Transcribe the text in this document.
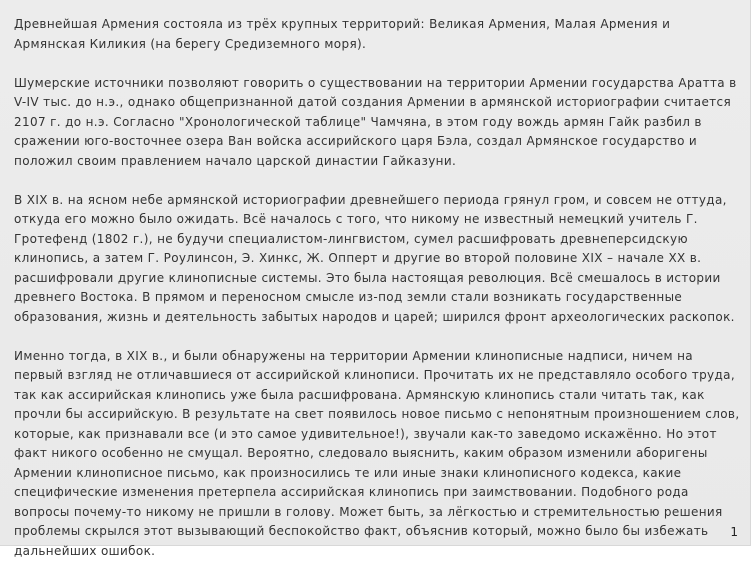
Древнейшая Армения состояла из трёх крупных территорий: Великая Армения, Малая Армения и Армянская Киликия (на берегу Средиземного моря).

Шумерские источники позволяют говорить о существовании на территории Армении государства Аратта в V-IV тыс. до н.э., однако общепризнанной датой создания Армении в армянской историографии считается 2107 г. до н.э. Согласно "Хронологической таблице" Чамчяна, в этом году вождь армян Гайк разбил в сражении юго-восточнее озера Ван войска ассирийского царя Бэла, создал Армянское государство и положил своим правлением начало царской династии Гайказуни.

В XIX в. на ясном небе армянской историографии древнейшего периода грянул гром, и совсем не оттуда, откуда его можно было ожидать. Всё началось с того, что никому не известный немецкий учитель Г. Гротефенд (1802 г.), не будучи специалистом-лингвистом, сумел расшифровать древнеперсидскую клинопись, а затем Г. Роулинсон, Э. Хинкс, Ж. Опперт и другие во второй половине XIX – начале XX в. расшифровали другие клинописные системы. Это была настоящая революция. Всё смешалось в истории древнего Востока. В прямом и переносном смысле из-под земли стали возникать государственные образования, жизнь и деятельность забытых народов и царей; ширился фронт археологических раскопок.

Именно тогда, в XIX в., и были обнаружены на территории Армении клинописные надписи, ничем на первый взгляд не отличавшиеся от ассирийской клинописи. Прочитать их не представляло особого труда, так как ассирийская клинопись уже была расшифрована. Армянскую клинопись стали читать так, как прочли бы ассирийскую. В результате на свет появилось новое письмо с непонятным произношением слов, которые, как признавали все (и это самое удивительное!), звучали как-то заведомо искажённо. Но этот факт никого особенно не смущал. Вероятно, следовало выяснить, каким образом изменили аборигены Армении клинописное письмо, как произносились те или иные знаки клинописного кодекса, какие специфические изменения претерпела ассирийская клинопись при заимствовании. Подобного рода вопросы почему-то никому не пришли в голову. Может быть, за лёгкостью и стремительностью решения проблемы скрылся этот вызывающий беспокойство факт, объяснив который, можно было бы избежать дальнейших ошибок.

1
